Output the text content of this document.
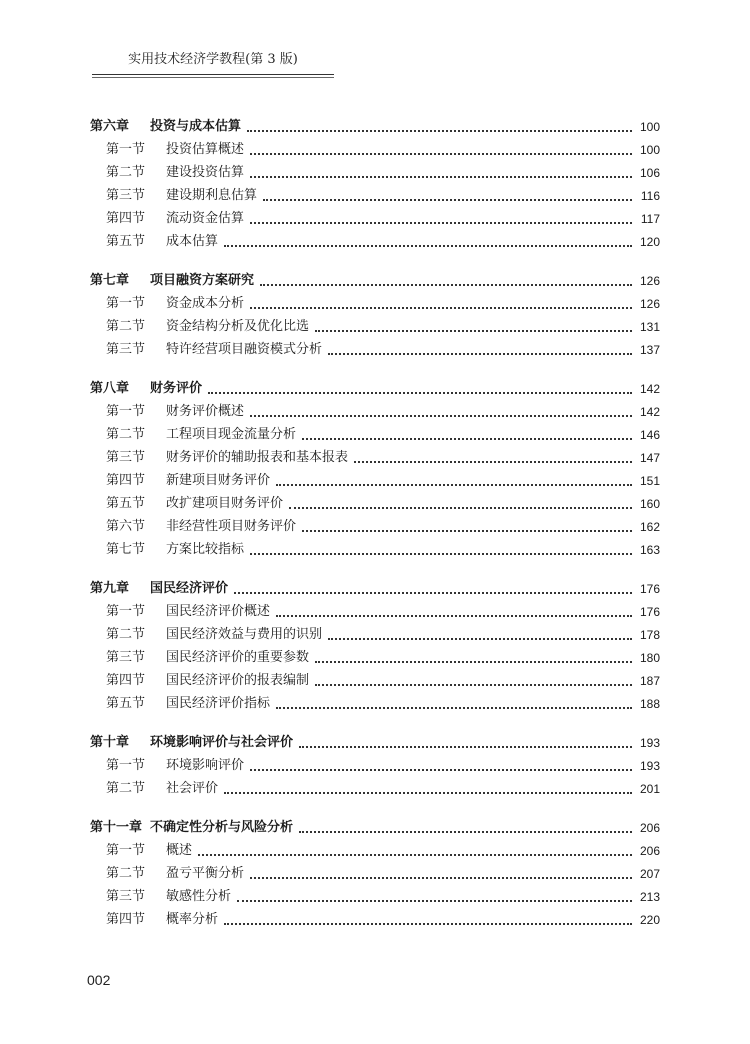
实用技术经济学教程(第 3 版)
第六章	投资与成本估算	100
第一节	投资估算概述	100
第二节	建设投资估算	106
第三节	建设期利息估算	116
第四节	流动资金估算	117
第五节	成本估算	120
第七章	项目融资方案研究	126
第一节	资金成本分析	126
第二节	资金结构分析及优化比选	131
第三节	特许经营项目融资模式分析	137
第八章	财务评价	142
第一节	财务评价概述	142
第二节	工程项目现金流量分析	146
第三节	财务评价的辅助报表和基本报表	147
第四节	新建项目财务评价	151
第五节	改扩建项目财务评价	160
第六节	非经营性项目财务评价	162
第七节	方案比较指标	163
第九章	国民经济评价	176
第一节	国民经济评价概述	176
第二节	国民经济效益与费用的识别	178
第三节	国民经济评价的重要参数	180
第四节	国民经济评价的报表编制	187
第五节	国民经济评价指标	188
第十章	环境影响评价与社会评价	193
第一节	环境影响评价	193
第二节	社会评价	201
第十一章 不确定性分析与风险分析	206
第一节	概述	206
第二节	盈亏平衡分析	207
第三节	敏感性分析	213
第四节	概率分析	220
002
